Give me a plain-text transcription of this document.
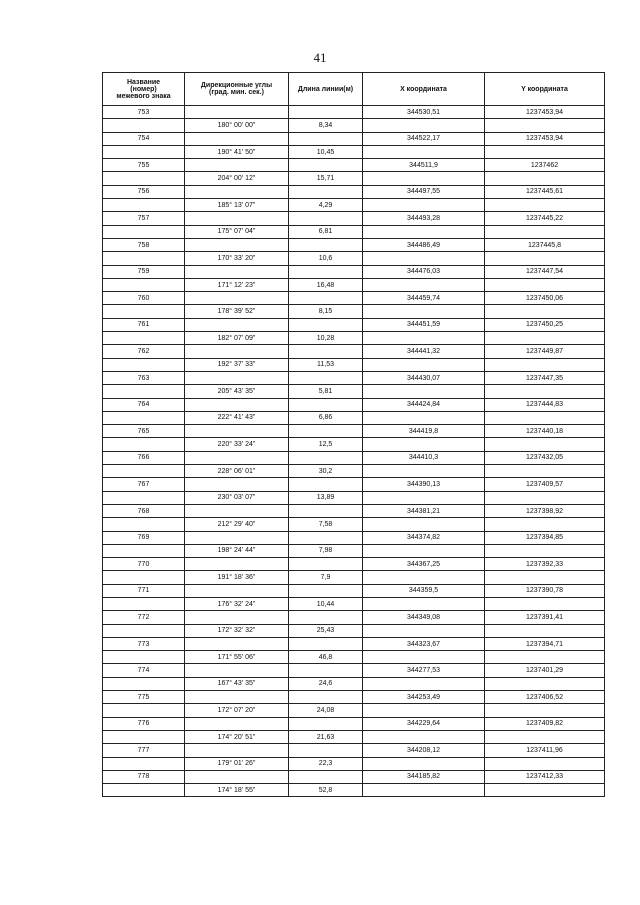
41
Название
(номер)
межевого знака	Дирекционные углы
(град. мин. сек.)	Длина линии(м)	X координата	Y координата
753			344530,51	1237453,94
	180° 00' 00"	8,34		
754			344522,17	1237453,94
	190° 41' 50"	10,45		
755			344511,9	1237462
	204° 00' 12"	15,71		
756			344497,55	1237445,61
	185° 13' 07"	4,29		
757			344493,28	1237445,22
	175° 07' 04"	6,81		
758			344486,49	1237445,8
	170° 33' 20"	10,6		
759			344476,03	1237447,54
	171° 12' 23"	16,48		
760			344459,74	1237450,06
	178° 39' 52"	8,15		
761			344451,59	1237450,25
	182° 07' 09"	10,28		
762			344441,32	1237449,87
	192° 37' 33"	11,53		
763			344430,07	1237447,35
	205° 43' 35"	5,81		
764			344424,84	1237444,83
	222° 41' 43"	6,86		
765			344419,8	1237440,18
	220° 33' 24"	12,5		
766			344410,3	1237432,05
	228° 06' 01"	30,2		
767			344390,13	1237409,57
	230° 03' 07"	13,89		
768			344381,21	1237398,92
	212° 29' 40"	7,58		
769			344374,82	1237394,85
	198° 24' 44"	7,98		
770			344367,25	1237392,33
	191° 18' 36"	7,9		
771			344359,5	1237390,78
	176° 32' 24"	10,44		
772			344349,08	1237391,41
	172° 32' 32"	25,43		
773			344323,67	1237394,71
	171° 55' 06"	46,8		
774			344277,53	1237401,29
	167° 43' 35"	24,6		
775			344253,49	1237406,52
	172° 07' 20"	24,08		
776			344229,64	1237409,82
	174° 20' 51"	21,63		
777			344208,12	1237411,96
	179° 01' 26"	22,3		
778			344185,82	1237412,33
	174° 18' 55"	52,8		
